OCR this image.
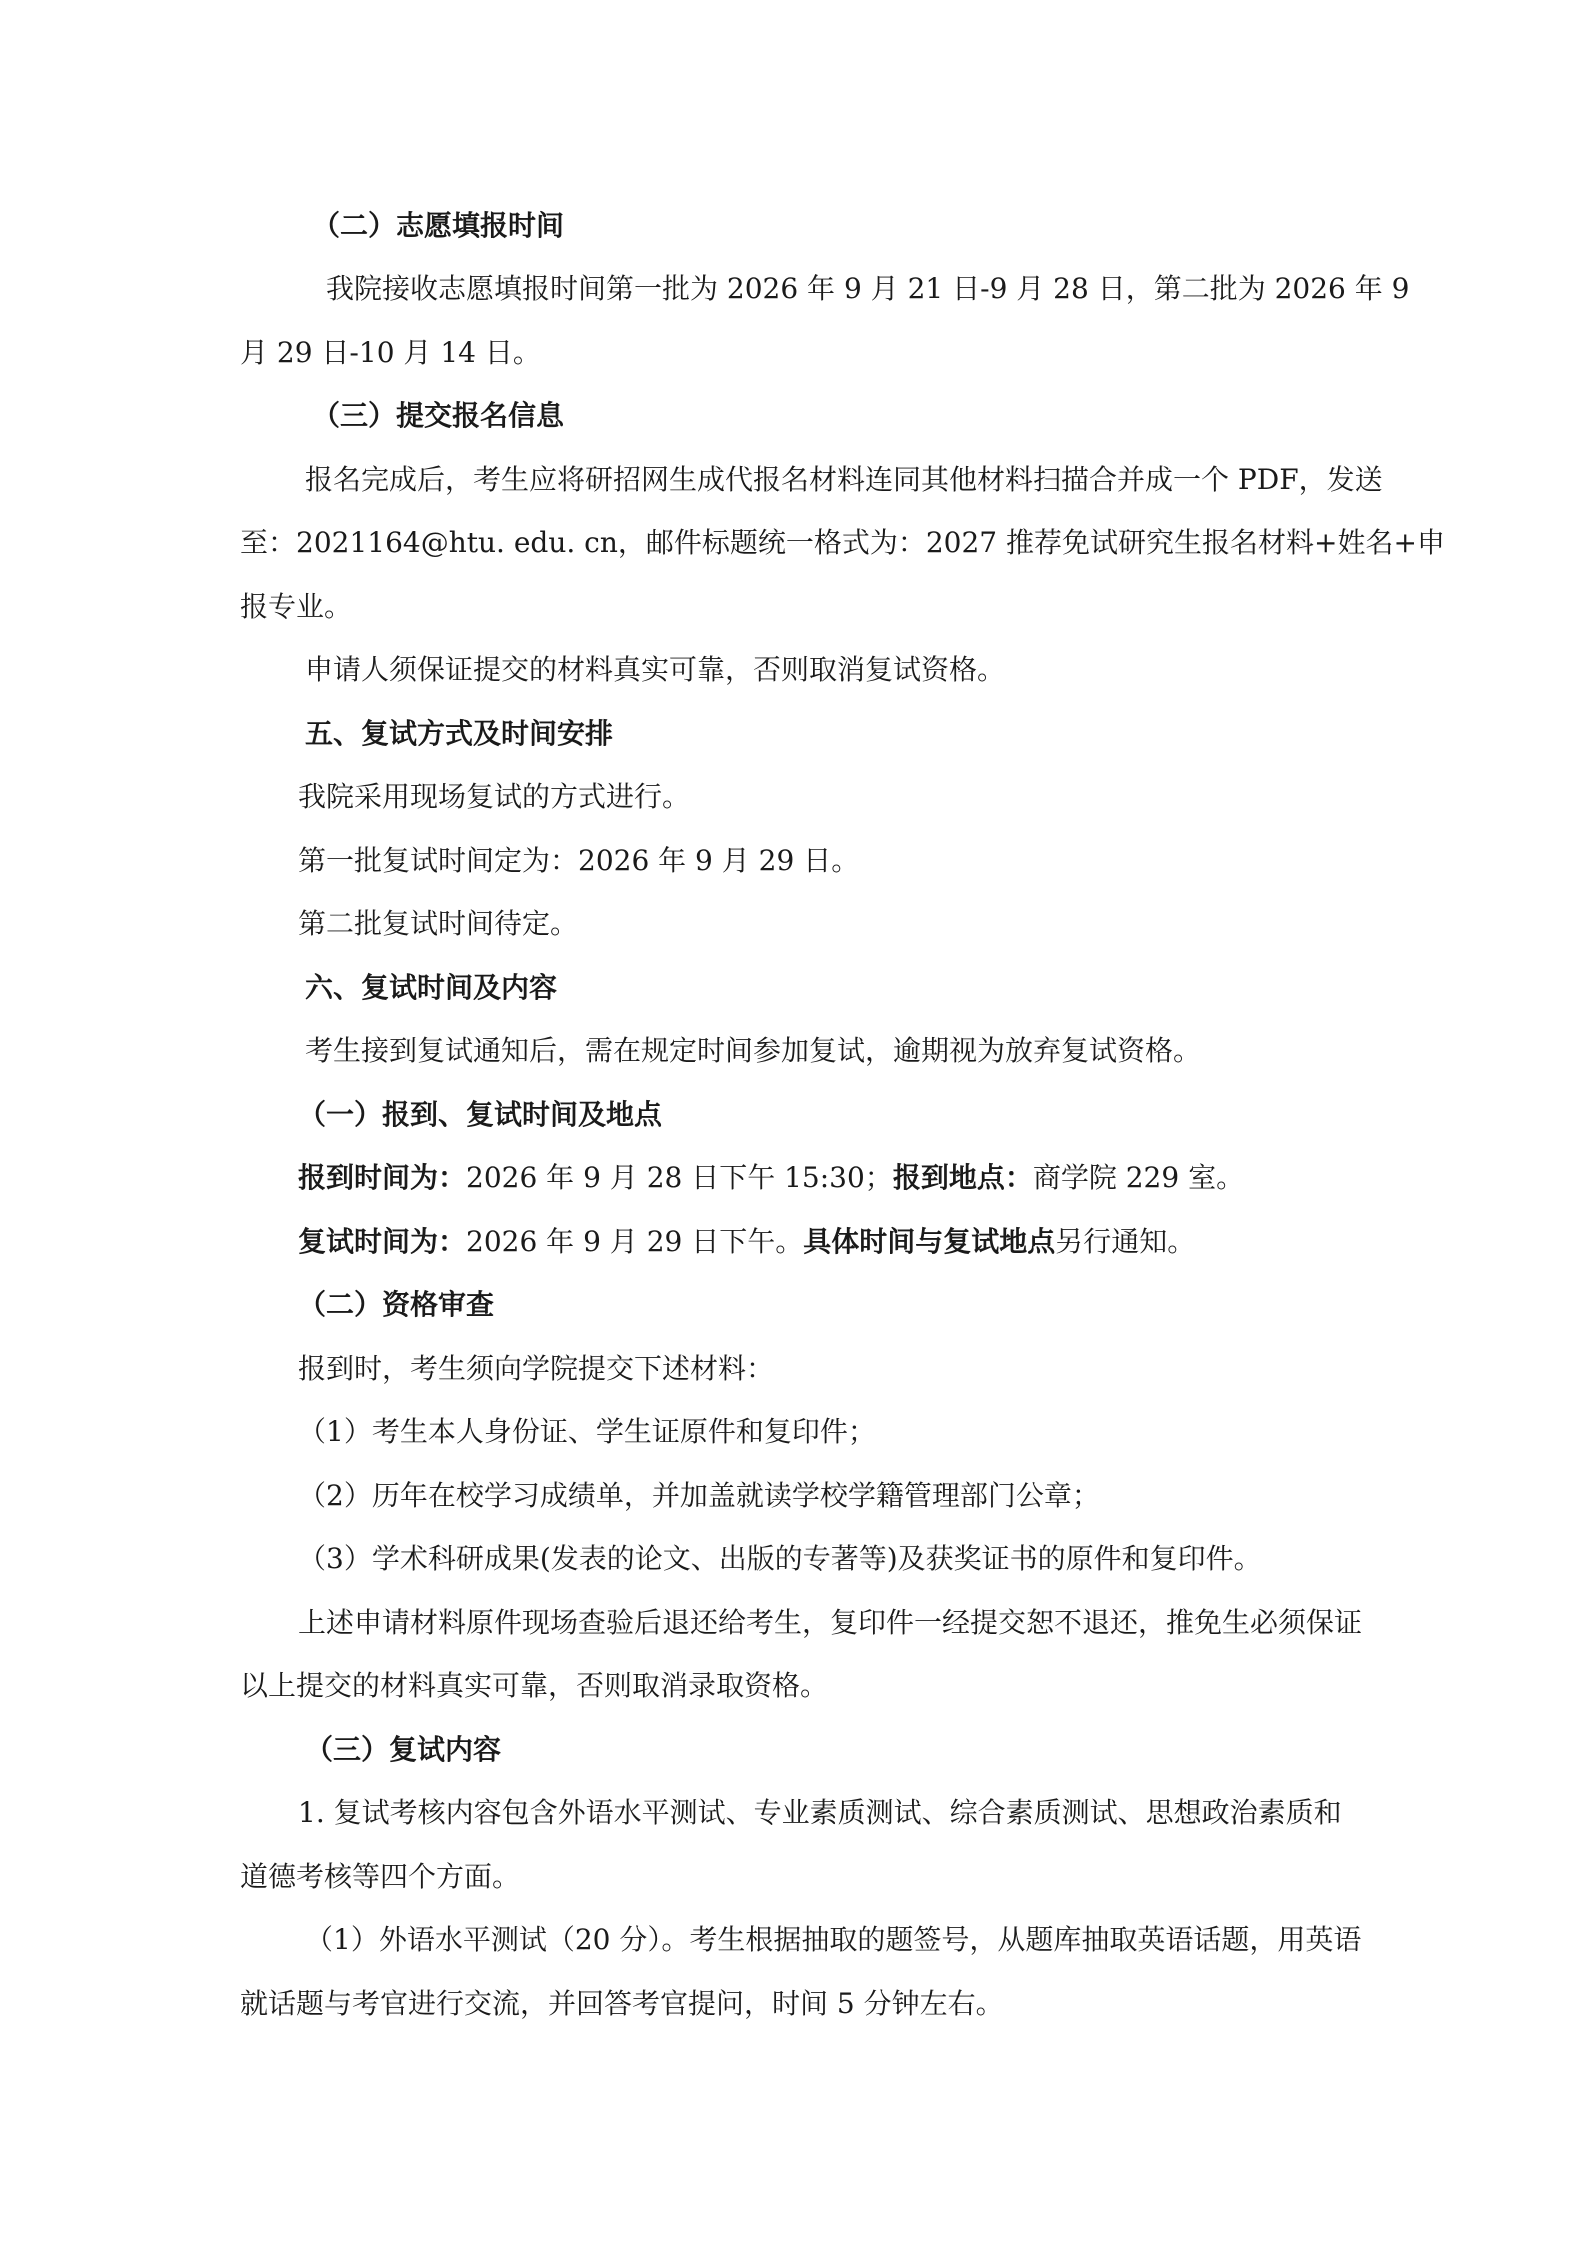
（二）志愿填报时间
我院接收志愿填报时间第一批为 2026 年 9 月 21 日-9 月 28 日，第二批为 2026 年 9
月 29 日-10 月 14 日。
（三）提交报名信息
报名完成后，考生应将研招网生成代报名材料连同其他材料扫描合并成一个 PDF，发送
至：2021164@htu. edu. cn，邮件标题统一格式为：2027 推荐免试研究生报名材料+姓名+申
报专业。
申请人须保证提交的材料真实可靠，否则取消复试资格。
五、复试方式及时间安排
我院采用现场复试的方式进行。
第一批复试时间定为：2026 年 9 月 29 日。
第二批复试时间待定。
六、复试时间及内容
考生接到复试通知后，需在规定时间参加复试，逾期视为放弃复试资格。
（一）报到、复试时间及地点
报到时间为：2026 年 9 月 28 日下午 15:30；报到地点：商学院 229 室。
复试时间为：2026 年 9 月 29 日下午。具体时间与复试地点另行通知。
（二）资格审查
报到时，考生须向学院提交下述材料：
（1）考生本人身份证、学生证原件和复印件；
（2）历年在校学习成绩单，并加盖就读学校学籍管理部门公章；
（3）学术科研成果(发表的论文、出版的专著等)及获奖证书的原件和复印件。
上述申请材料原件现场查验后退还给考生，复印件一经提交恕不退还，推免生必须保证
以上提交的材料真实可靠，否则取消录取资格。
（三）复试内容
1. 复试考核内容包含外语水平测试、专业素质测试、综合素质测试、思想政治素质和
道德考核等四个方面。
（1）外语水平测试（20 分）。考生根据抽取的题签号，从题库抽取英语话题，用英语
就话题与考官进行交流，并回答考官提问，时间 5 分钟左右。
